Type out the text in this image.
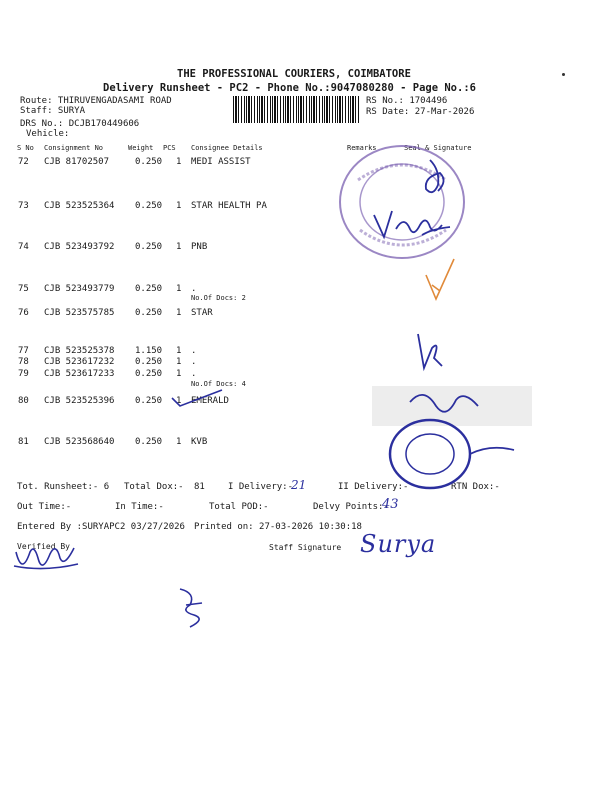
THE PROFESSIONAL COURIERS, COIMBATORE
Delivery Runsheet - PC2 - Phone No.:9047080280 - Page No.:6
Route: THIRUVENGADASAMI ROAD
Staff: SURYA
DRS No.: DCJB170449606
Vehicle:
RS No.: 1704496
RS Date: 27-Mar-2026
S No Consignment No	Weight PCS Consignee Details	Remarks	Seal & Signature
72 CJB 81702507	0.250 1 MEDI ASSIST
73 CJB 523525364 0.250 1 STAR HEALTH PA
74 CJB 523493792 0.250 1 PNB
75 CJB 523493779 0.250 1 .
No.Of Docs: 2
76 CJB 523575785 0.250 1 STAR
77 CJB 523525378 1.150 1 .
78 CJB 523617232 0.250 1 .
79 CJB 523617233 0.250 1 .
No.Of Docs: 4
80 CJB 523525396 0.250 1 EMERALD
81 CJB 523568640 0.250 1 KVB
Tot. Runsheet:- 6 Total Dox:- 81	I Delivery:-
21	II Delivery:-	RTN Dox:-
Out Time:-	In Time:-	Total POD:-	Delvy Points:-
43
Entered By :SURYAPC2 03/27/2026 Printed on: 27-03-2026 10:30:18
Verified By	Staff Signature Surya
